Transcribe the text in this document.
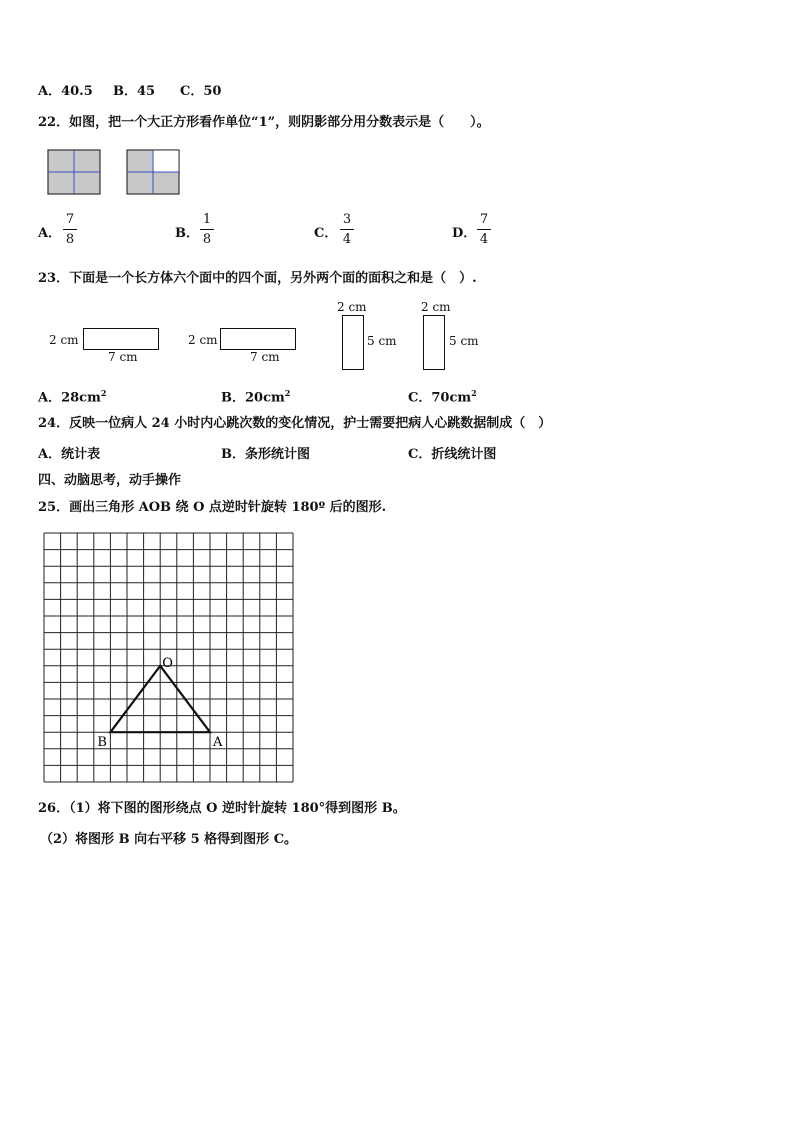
A．40.5 B．45 C．50
22．如图，把一个大正方形看作单位“1”，则阴影部分用分数表示是（　　）。
A．
7
8	B．
1
8	C．
3
4	D．
7
4
23．下面是一个长方体六个面中的四个面，另外两个面的面积之和是（　）.
2 cm
7 cm
2 cm
7 cm
2 cm
5 cm
2 cm
5 cm
A．$28cm^2$	B．$20cm^2$	C．$70cm^2$
24．反映一位病人 24 小时内心跳次数的变化情况，护士需要把病人心跳数据制成（　）
A．统计表	B．条形统计图	C．折线统计图
四、动脑思考，动手操作
25．画出三角形 AOB 绕 O 点逆时针旋转 180º 后的图形.
O
B	A
26．（1）将下图的图形绕点 O 逆时针旋转 180°得到图形 B。
（2）将图形 B 向右平移 5 格得到图形 C。
